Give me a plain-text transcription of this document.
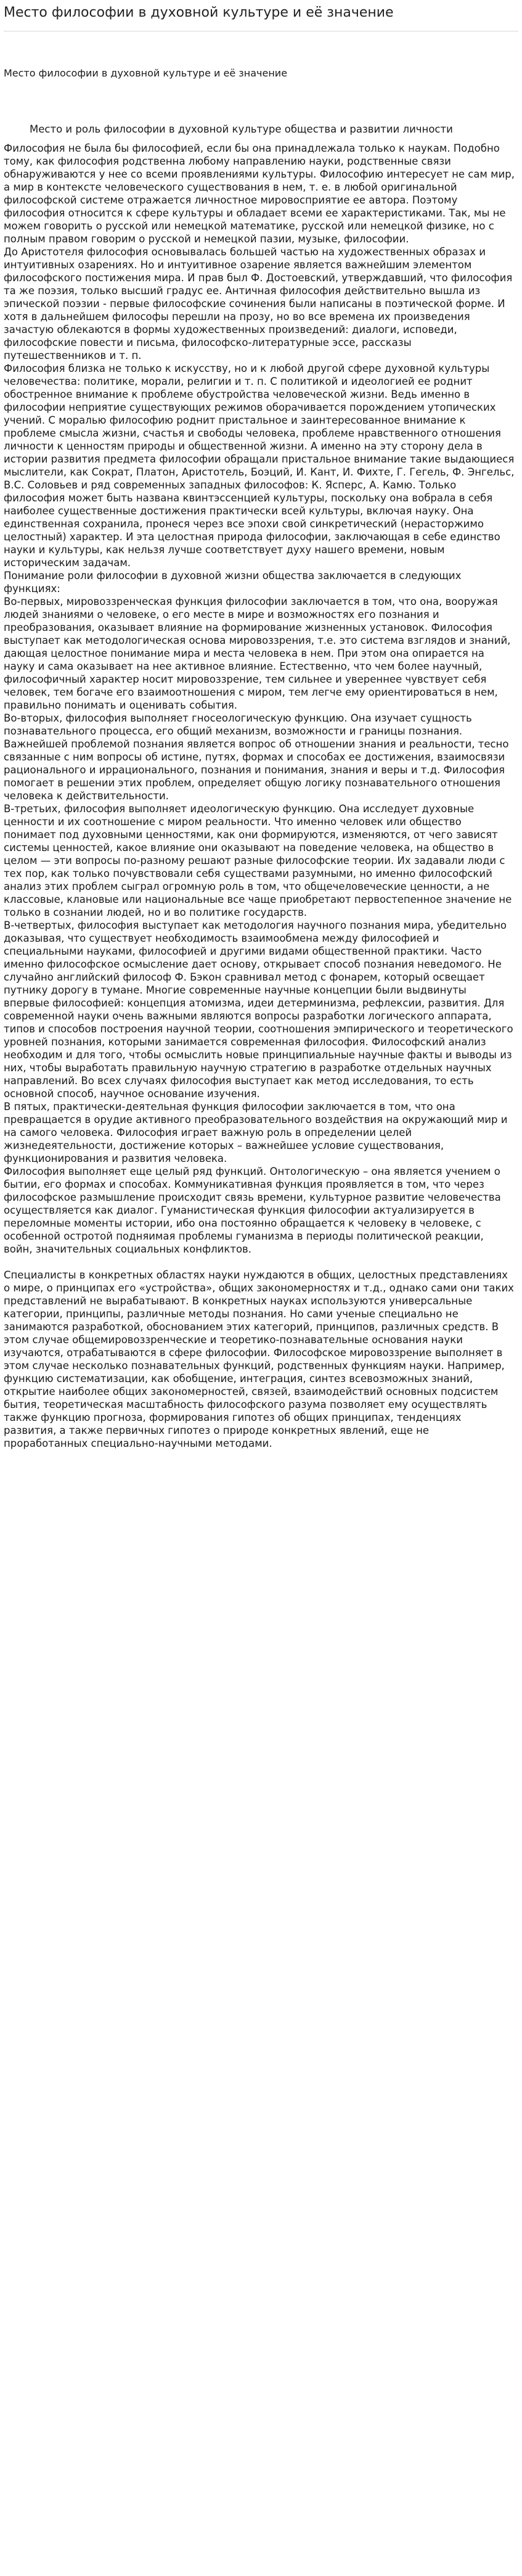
Место философии в духовной культуре и её значение
Место философии в духовной культуре и её значение
Место и роль философии в духовной культуре общества и развитии личности

Философия не была бы философией, если бы она принадлежала только к наукам. Подобно тому, как философия родственна любому направлению науки, родственные связи обнаруживаются у нее со всеми проявлениями культуры. Философию интересует не сам мир, а мир в контексте человеческого существования в нем, т. е. в любой оригинальной философской системе отражается личностное мировосприятие ее автора. Поэтому философия относится к сфере культуры и обладает всеми ее характеристиками. Так, мы не можем говорить о русской или немецкой математике, русской или немецкой физике, но с полным правом говорим о русской и немецкой пазии, музыке, философии.

До Аристотеля философия основывалась большей частью на художественных образах и интуитивных озарениях. Но и интуитивное озарение является важнейшим элементом философского постижения мира. И прав был Ф. Достоевский, утверждавший, что философия та же поэзия, только высший градус ее. Античная философия действительно вышла из эпической поэзии - первые философские сочинения были написаны в поэтической форме. И хотя в дальнейшем философы перешли на прозу, но во все времена их произведения зачастую облекаются в формы художественных произведений: диалоги, исповеди, философские повести и письма, философско-литературные эссе, рассказы путешественников и т. п.

Философия близка не только к искусству, но и к любой другой сфере духовной культуры человечества: политике, морали, религии и т. п. С политикой и идеологией ее роднит обостренное внимание к проблеме обустройства человеческой жизни. Ведь именно в философии неприятие существующих режимов оборачивается порождением утопических учений. С моралью философию роднит пристальное и заинтересованное внимание к проблеме смысла жизни, счастья и свободы человека, проблеме нравственного отношения личности к ценностям природы и общественной жизни. А именно на эту сторону дела в истории развития предмета философии обращали пристальное внимание такие выдающиеся мыслители, как Сократ, Платон, Аристотель, Боэций, И. Кант, И. Фихте, Г. Гегель, Ф. Энгельс, В.С. Соловьев и ряд современных западных философов: К. Ясперс, А. Камю. Только философия может быть названа квинтэссенцией культуры, поскольку она вобрала в себя наиболее существенные достижения практически всей культуры, включая науку. Она единственная сохранила, пронеся через все эпохи свой синкретический (нерасторжимо целостный) характер. И эта целостная природа философии, заключающая в себе единство науки и культуры, как нельзя лучше соответствует духу нашего времени, новым историческим задачам.

Понимание роли философии в духовной жизни общества заключается в следующих функциях:

Во-первых, мировоззренческая функция философии заключается в том, что она, вооружая людей знаниями о человеке, о его месте в мире и возможностях его познания и преобразования, оказывает влияние на формирование жизненных установок. Философия выступает как методологическая основа мировоззрения, т.е. это система взглядов и знаний, дающая целостное понимание мира и места человека в нем. При этом она опирается на науку и сама оказывает на нее активное влияние. Естественно, что чем более научный, философичный характер носит мировоззрение, тем сильнее и увереннее чувствует себя человек, тем богаче его взаимоотношения с миром, тем легче ему ориентироваться в нем, правильно понимать и оценивать события.

Во-вторых, философия выполняет гносеологическую функцию. Она изучает сущность познавательного процесса, его общий механизм, возможности и границы познания. Важнейшей проблемой познания является вопрос об отношении знания и реальности, тесно связанные с ним вопросы об истине, путях, формах и способах ее достижения, взаимосвязи рационального и иррационального, познания и понимания, знания и веры и т.д. Философия помогает в решении этих проблем, определяет общую логику познавательного отношения человека к действительности.

В-третьих, философия выполняет идеологическую функцию. Она исследует духовные ценности и их соотношение с миром реальности. Что именно человек или общество понимает под духовными ценностями, как они формируются, изменяются, от чего зависят системы ценностей, какое влияние они оказывают на поведение человека, на общество в целом — эти вопросы по-разному решают разные философские теории. Их задавали люди с тех пор, как только почувствовали себя существами разумными, но именно философский анализ этих проблем сыграл огромную роль в том, что общечеловеческие ценности, а не классовые, клановые или национальные все чаще приобретают первостепенное значение не только в сознании людей, но и во политике государств.

В-четвертых, философия выступает как методология научного познания мира, убедительно доказывая, что существует необходимость взаимообмена между философией и специальными науками, философией и другими видами общественной практики. Часто именно философское осмысление дает основу, открывает способ познания неведомого. Не случайно английский философ Ф. Бэкон сравнивал метод с фонарем, который освещает путнику дорогу в тумане. Многие современные научные концепции были выдвинуты впервые философией: концепция атомизма, идеи детерминизма, рефлексии, развития. Для современной науки очень важными являются вопросы разработки логического аппарата, типов и способов построения научной теории, соотношения эмпирического и теоретического уровней познания, которыми занимается современная философия. Философский анализ необходим и для того, чтобы осмыслить новые принципиальные научные факты и выводы из них, чтобы выработать правильную научную стратегию в разработке отдельных научных направлений. Во всех случаях философия выступает как метод исследования, то есть основной способ, научное основание изучения.

В пятых, практически-деятельная функция философии заключается в том, что она превращается в орудие активного преобразовательного воздействия на окружающий мир и на самого человека. Философия играет важную роль в определении целей жизнедеятельности, достижение которых – важнейшее условие существования, функционирования и развития человека.

Философия выполняет еще целый ряд функций. Онтологическую – она является учением о бытии, его формах и способах. Коммуникативная функция проявляется в том, что через философское размышление происходит связь времени, культурное развитие человечества осуществляется как диалог. Гуманистическая функция философии актуализируется в переломные моменты истории, ибо она постоянно обращается к человеку в человеке, с особенной остротой подняимая проблемы гуманизма в периоды политической реакции, войн, значительных социальных конфликтов.

Специалисты в конкретных областях науки нуждаются в общих, целостных представлениях о мире, о принципах его «устройства», общих закономерностях и т.д., однако сами они таких представлений не вырабатывают. В конкретных науках используются универсальные категории, принципы, различные методы познания. Но сами ученые специально не занимаются разработкой, обоснованием этих категорий, принципов, различных средств. В этом случае общемировоззренческие и теоретико-познавательные основания науки изучаются, отрабатываются в сфере философии. Философское мировоззрение выполняет в этом случае несколько познавательных функций, родственных функциям науки. Например, функцию систематизации, как обобщение, интеграция, синтез всевозможных знаний, открытие наиболее общих закономерностей, связей, взаимодействий основных подсистем бытия, теоретическая масштабность философского разума позволяет ему осуществлять также функцию прогноза, формирования гипотез об общих принципах, тенденциях развития, а также первичных гипотез о природе конкретных явлений, еще не проработанных специально-научными методами.
